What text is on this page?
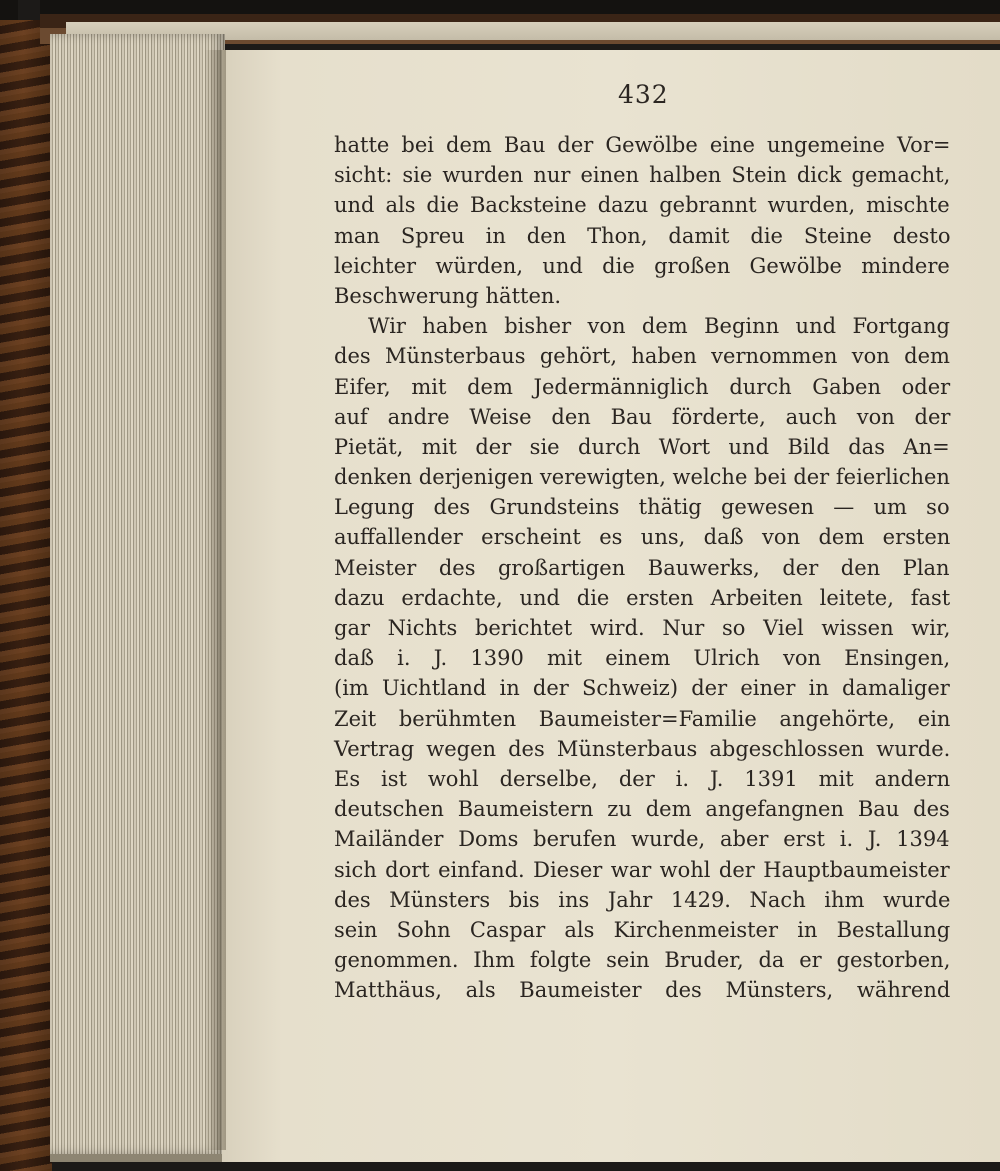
432
hatte bei dem Bau der Gewölbe eine ungemeine Vor=
sicht: sie wurden nur einen halben Stein dick gemacht,
und als die Backsteine dazu gebrannt wurden, mischte
man Spreu in den Thon, damit die Steine desto
leichter würden, und die großen Gewölbe mindere
Beschwerung hätten.
Wir haben bisher von dem Beginn und Fortgang
des Münsterbaus gehört, haben vernommen von dem
Eifer, mit dem Jedermänniglich durch Gaben oder
auf andre Weise den Bau förderte, auch von der
Pietät, mit der sie durch Wort und Bild das An=
denken derjenigen verewigten, welche bei der feierlichen
Legung des Grundsteins thätig gewesen — um so
auffallender erscheint es uns, daß von dem ersten
Meister des großartigen Bauwerks, der den Plan
dazu erdachte, und die ersten Arbeiten leitete, fast
gar Nichts berichtet wird. Nur so Viel wissen wir,
daß i. J. 1390 mit einem Ulrich von Ensingen,
(im Uichtland in der Schweiz) der einer in damaliger
Zeit berühmten Baumeister=Familie angehörte, ein
Vertrag wegen des Münsterbaus abgeschlossen wurde.
Es ist wohl derselbe, der i. J. 1391 mit andern
deutschen Baumeistern zu dem angefangnen Bau des
Mailänder Doms berufen wurde, aber erst i. J. 1394
sich dort einfand. Dieser war wohl der Hauptbaumeister
des Münsters bis ins Jahr 1429. Nach ihm wurde
sein Sohn Caspar als Kirchenmeister in Bestallung
genommen. Ihm folgte sein Bruder, da er gestorben,
Matthäus, als Baumeister des Münsters, während
